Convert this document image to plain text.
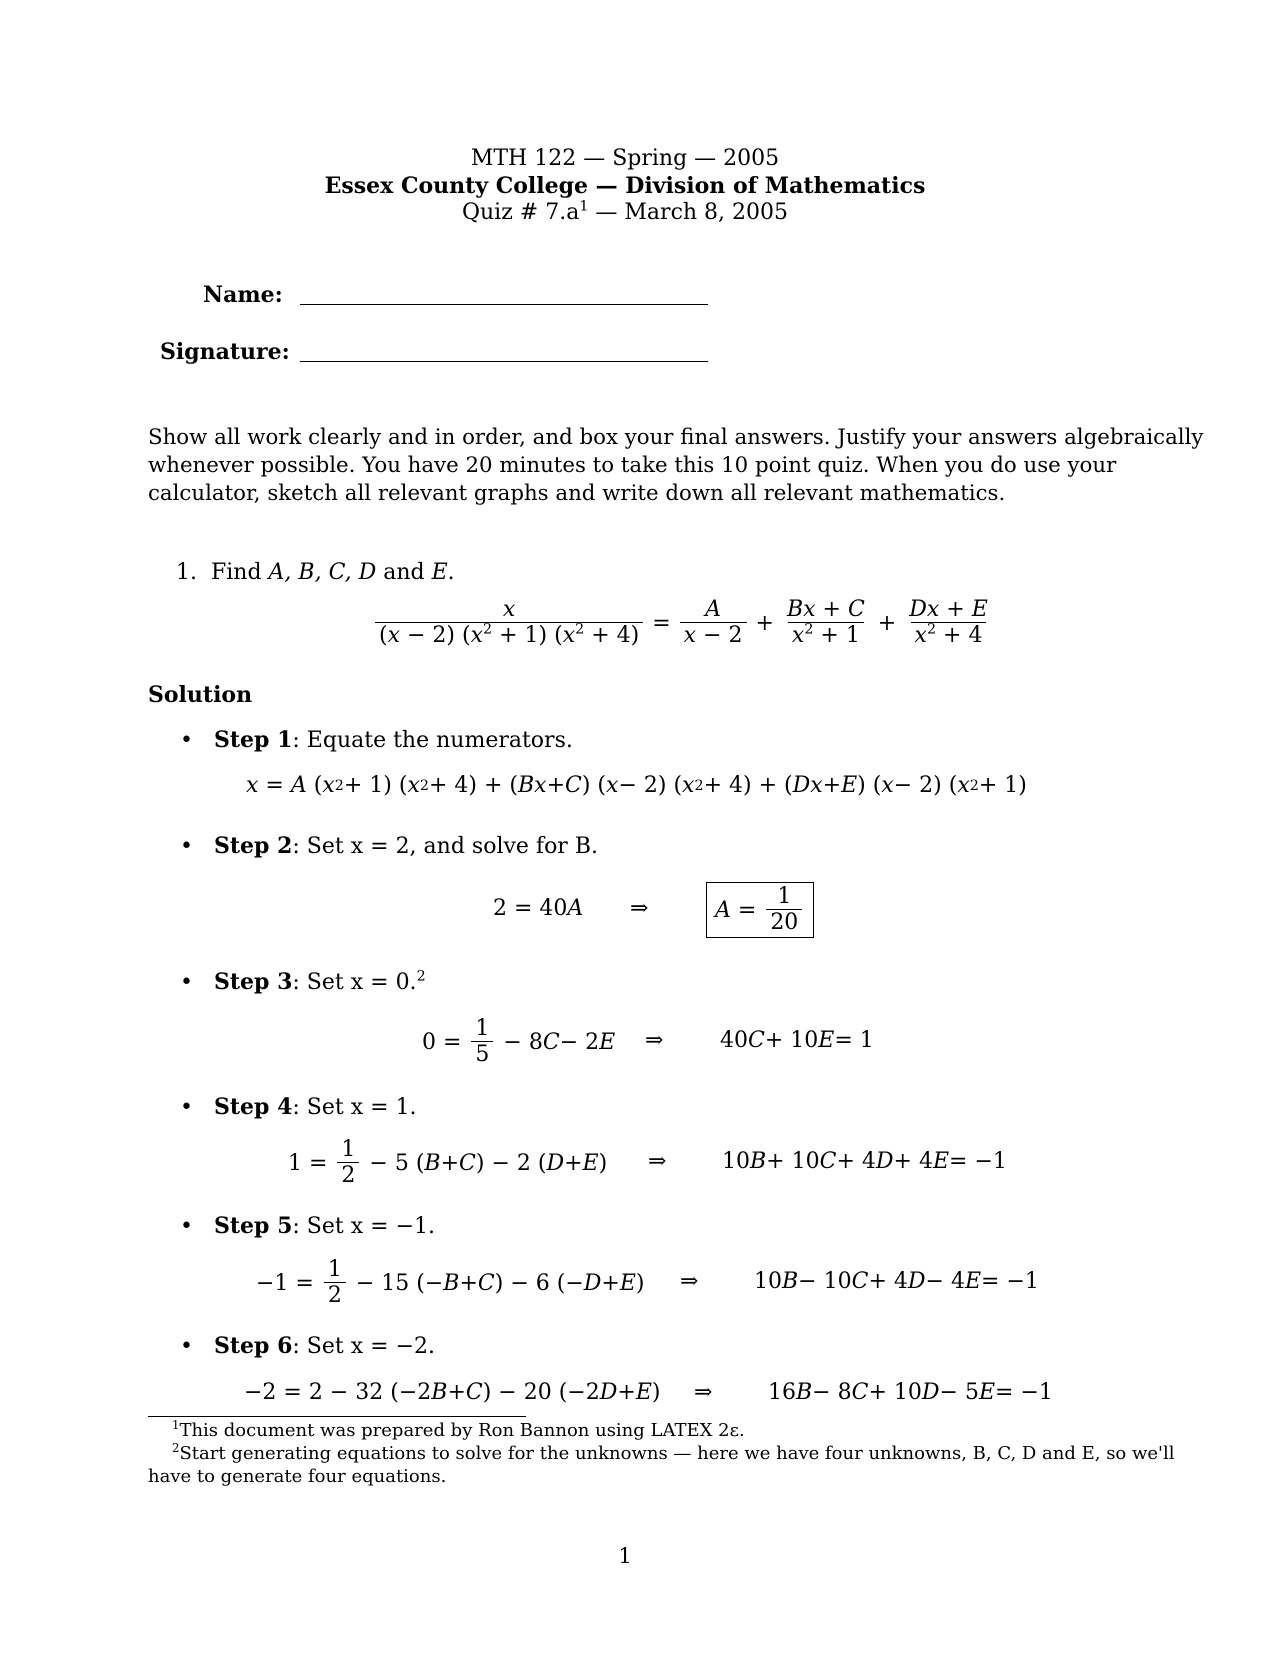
MTH 122 — Spring — 2005
Essex County College — Division of Mathematics
Quiz # $7.a^1$ — March 8, 2005
Name:
Signature:
Show all work clearly and in order, and box your final answers. Justify your answers algebraically
whenever possible. You have 20 minutes to take this 10 point quiz. When you do use your
calculator, sketch all relevant graphs and write down all relevant mathematics.
1. Find A, B, C, D and E.
$\frac{x}{(x - 2) (x^2 + 1) (x^2 + 4)} = \frac{A}{x - 2} + \frac{Bx + C}{x^2 + 1} + \frac{Dx + E}{x^2 + 4}$
Solution
• Step 1: Equate the numerators.
x = A ( x 2 + 1) ( x 2 + 4) + ( Bx + C ) ( x − 2) ( x 2 + 4) + ( Dx + E ) ( x − 2) ( x 2 + 1)
• Step 2: Set x = 2, and solve for B.
2 = 40 A ⇒	$A = \frac{1}{20}$
• Step 3: Set x = 0.$^2$
$0 = \frac{1}{5} - 8$ C − 2 E ⇒	40 C + 10 E = 1
• Step 4: Set x = 1.
$1 = \frac{1}{2} - 5$ ( B + C ) − 2 ( D + E ) ⇒	10 B + 10 C + 4 D + 4 E = −1
• Step 5: Set x = −1.
$-1 = \frac{1}{2} - 15$ (− B + C ) − 6 (− D + E ) ⇒	10 B − 10 C + 4 D − 4 E = −1
• Step 6: Set x = −2.
−2 = 2 − 32 (−2 B + C ) − 20 (−2 D + E ) ⇒	16 B − 8 C + 10 D − 5 E = −1
$^1$This document was prepared by Ron Bannon using LATEX 2ε.
$^2$Start generating equations to solve for the unknowns — here we have four unknowns, B, C, D and E, so we'll
have to generate four equations.
1
